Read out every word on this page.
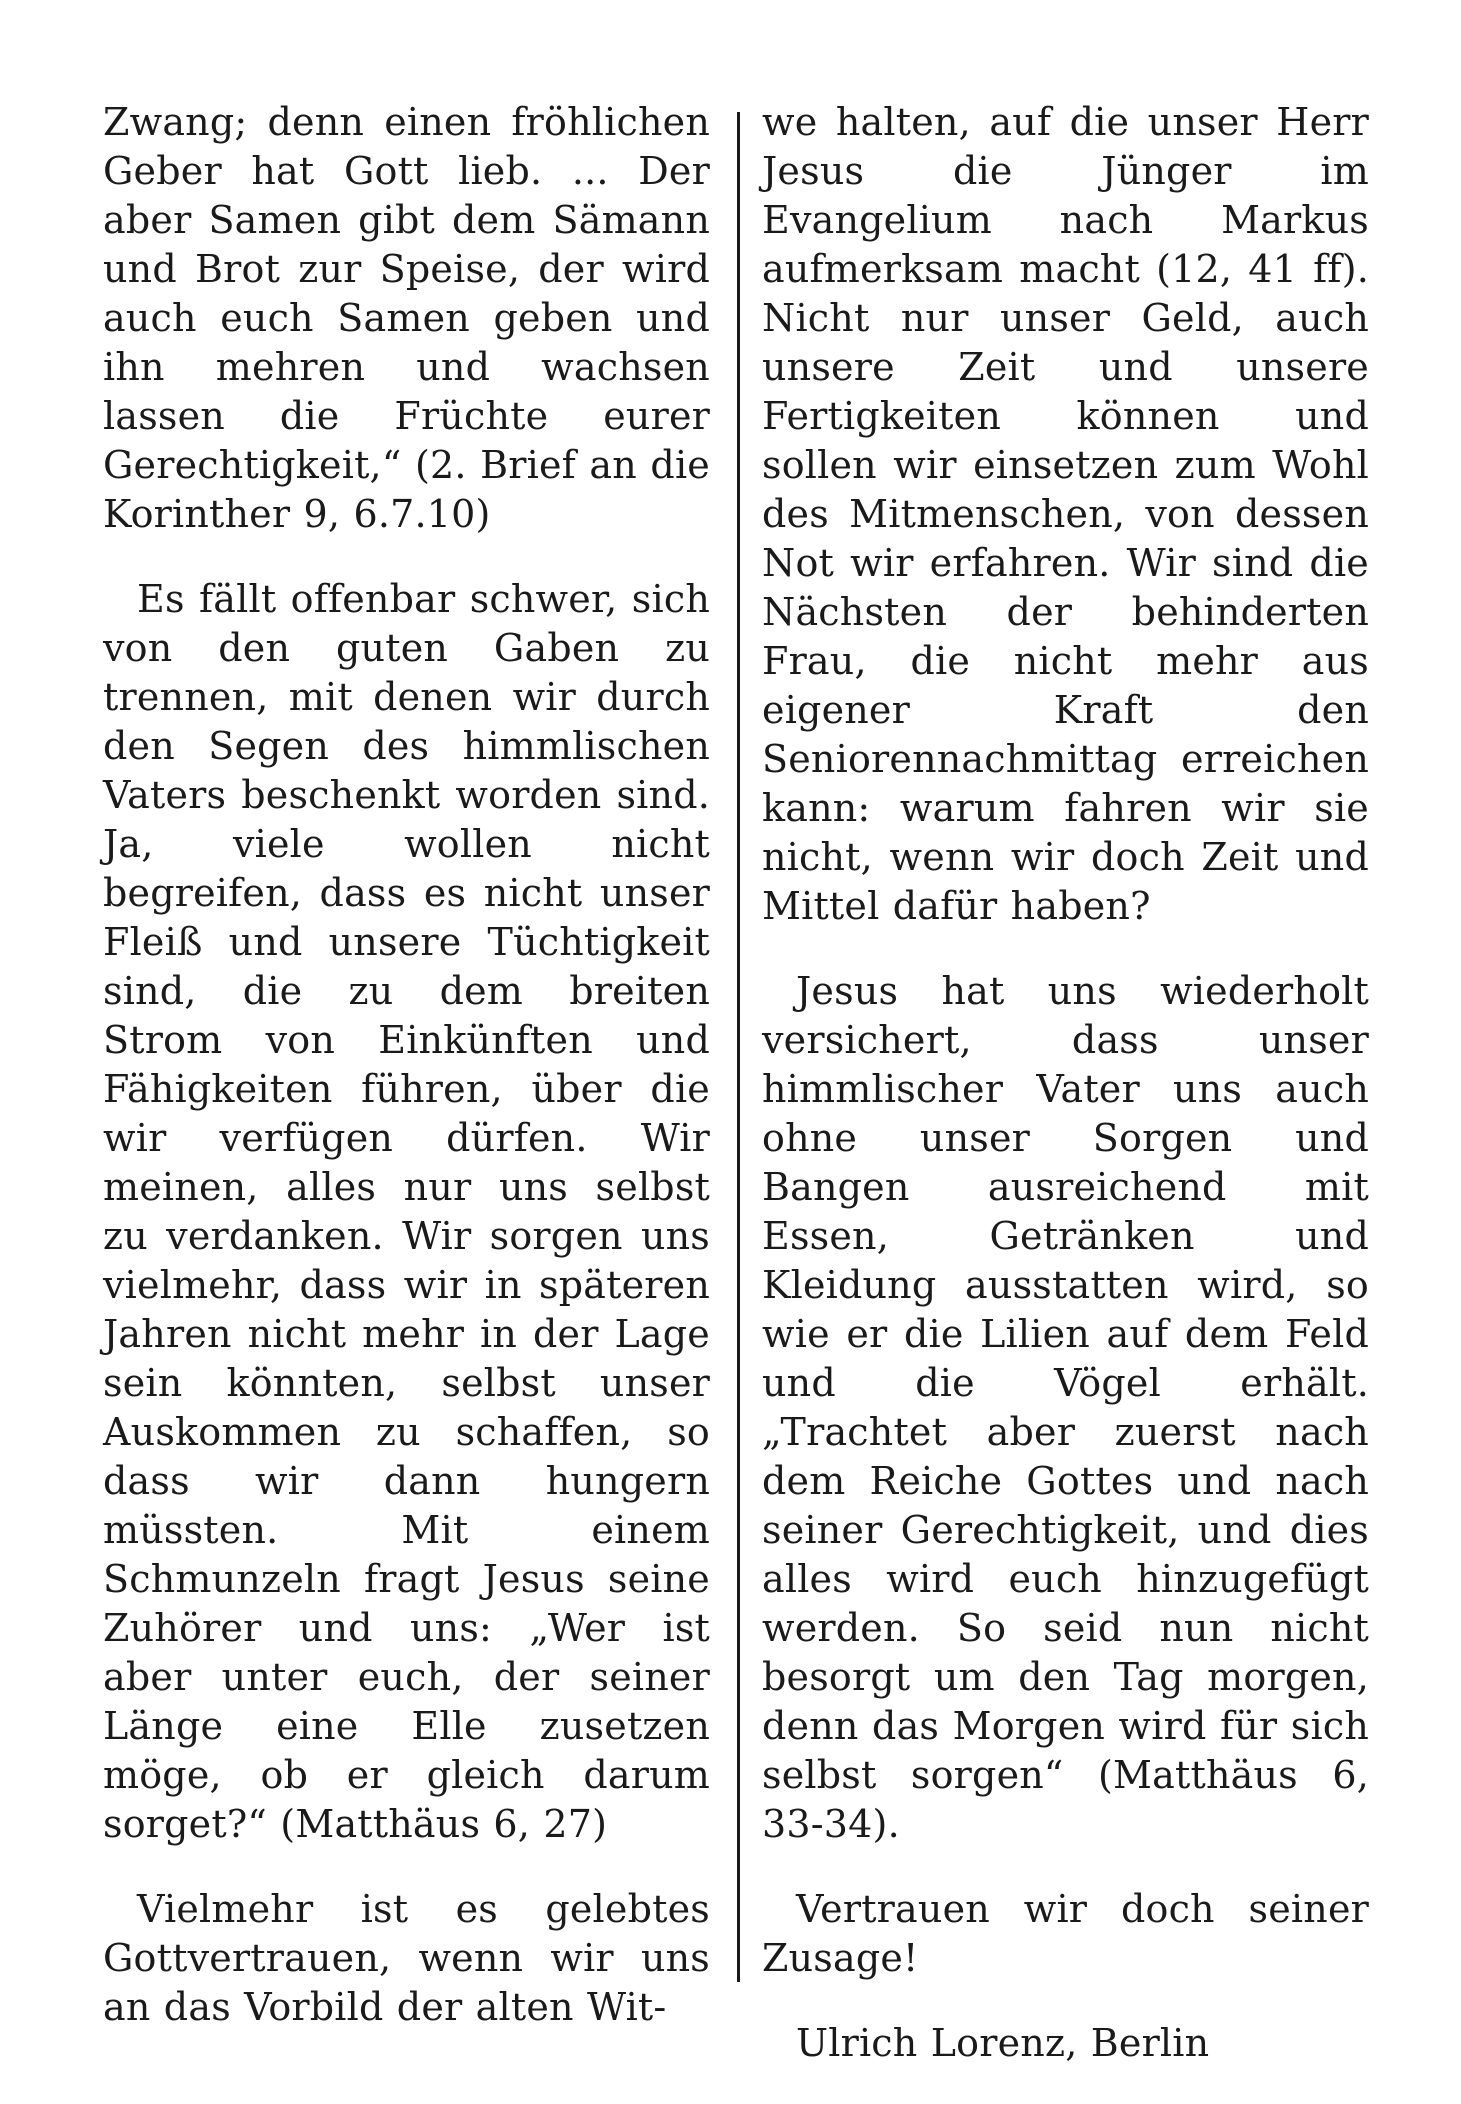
Zwang; denn einen fröhlichen Geber hat Gott lieb. ... Der aber Samen gibt dem Sämann und Brot zur Speise, der wird auch euch Samen geben und ihn mehren und wachsen lassen die Früchte eurer Gerechtigkeit,“ (2. Brief an die Korinther 9, 6.7.10)

Es fällt offenbar schwer, sich von den guten Gaben zu trennen, mit denen wir durch den Segen des himmlischen Vaters beschenkt worden sind. Ja, viele wollen nicht begreifen, dass es nicht unser Fleiß und unsere Tüchtigkeit sind, die zu dem breiten Strom von Einkünften und Fähigkeiten führen, über die wir verfügen dürfen. Wir meinen, alles nur uns selbst zu verdanken. Wir sorgen uns vielmehr, dass wir in späteren Jahren nicht mehr in der Lage sein könnten, selbst unser Auskommen zu schaffen, so dass wir dann hungern müssten. Mit einem Schmunzeln fragt Jesus seine Zuhörer und uns: „Wer ist aber unter euch, der seiner Länge eine Elle zusetzen möge, ob er gleich darum sorget?“ (Matthäus 6, 27)

Vielmehr ist es gelebtes Gottvertrauen, wenn wir uns an das Vorbild der alten Wit-

we halten, auf die unser Herr Jesus die Jünger im Evangelium nach Markus aufmerksam macht (12, 41 ff). Nicht nur unser Geld, auch unsere Zeit und unsere Fertigkeiten können und sollen wir einsetzen zum Wohl des Mitmenschen, von dessen Not wir erfahren. Wir sind die Nächsten der behinderten Frau, die nicht mehr aus eigener Kraft den Seniorennachmittag erreichen kann: warum fahren wir sie nicht, wenn wir doch Zeit und Mittel dafür haben?

Jesus hat uns wiederholt versichert, dass unser himmlischer Vater uns auch ohne unser Sorgen und Bangen ausreichend mit Essen, Getränken und Kleidung ausstatten wird, so wie er die Lilien auf dem Feld und die Vögel erhält. „Trachtet aber zuerst nach dem Reiche Gottes und nach seiner Gerechtigkeit, und dies alles wird euch hinzugefügt werden. So seid nun nicht besorgt um den Tag morgen, denn das Morgen wird für sich selbst sorgen“ (Matthäus 6, 33-34).

Vertrauen wir doch seiner Zusage!

Ulrich Lorenz, Berlin
